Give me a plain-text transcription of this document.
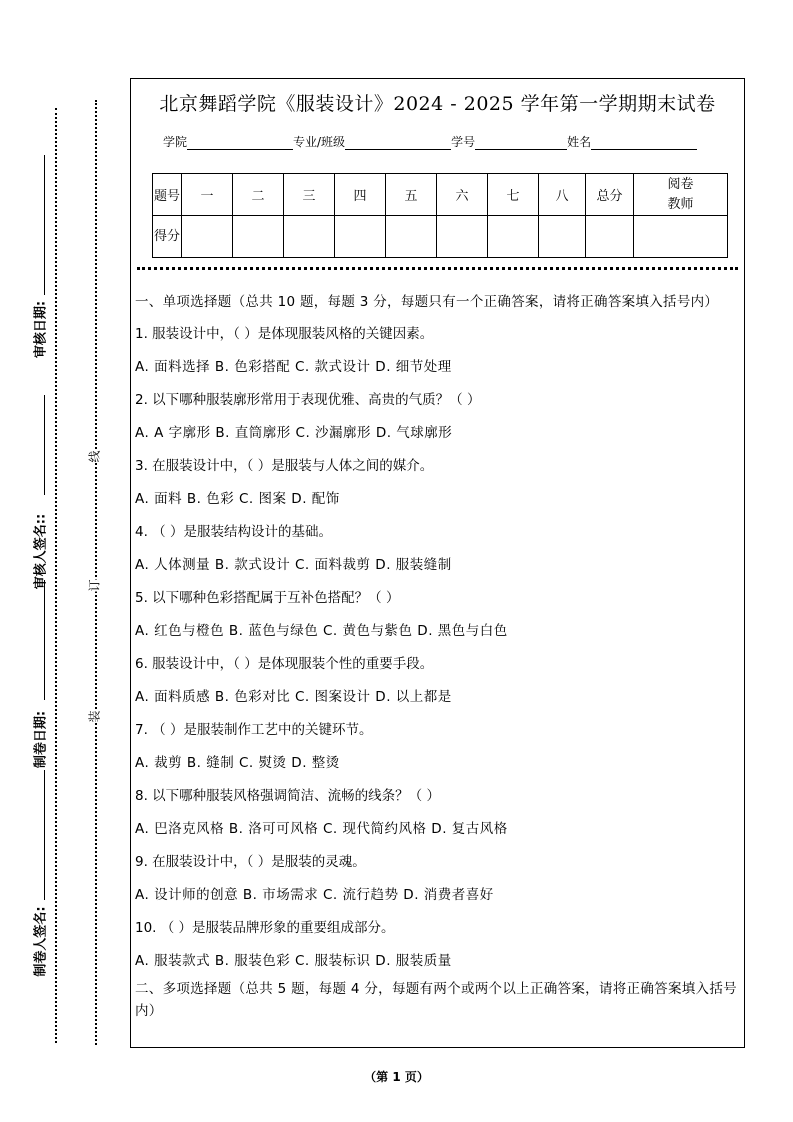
审核日期:
审核人签名::
制卷日期:
制卷人签名:
线
订
装
北京舞蹈学院《服装设计》2024 - 2025 学年第一学期期末试卷
学院	专业/班级	学号	姓名
题号	一	二	三	四	五	六	七	八	总分	阅卷
教师
得分										
一、单项选择题（总共 10 题，每题 3 分，每题只有一个正确答案，请将正确答案填入括号内）
1. 服装设计中，（ ）是体现服装风格的关键因素。
A. 面料选择 B. 色彩搭配 C. 款式设计 D. 细节处理
2. 以下哪种服装廓形常用于表现优雅、高贵的气质？（ ）
A. A 字廓形 B. 直筒廓形 C. 沙漏廓形 D. 气球廓形
3. 在服装设计中，（ ）是服装与人体之间的媒介。
A. 面料 B. 色彩 C. 图案 D. 配饰
4. （ ）是服装结构设计的基础。
A. 人体测量 B. 款式设计 C. 面料裁剪 D. 服装缝制
5. 以下哪种色彩搭配属于互补色搭配？（ ）
A. 红色与橙色 B. 蓝色与绿色 C. 黄色与紫色 D. 黑色与白色
6. 服装设计中，（ ）是体现服装个性的重要手段。
A. 面料质感 B. 色彩对比 C. 图案设计 D. 以上都是
7. （ ）是服装制作工艺中的关键环节。
A. 裁剪 B. 缝制 C. 熨烫 D. 整烫
8. 以下哪种服装风格强调简洁、流畅的线条？（ ）
A. 巴洛克风格 B. 洛可可风格 C. 现代简约风格 D. 复古风格
9. 在服装设计中，（ ）是服装的灵魂。
A. 设计师的创意 B. 市场需求 C. 流行趋势 D. 消费者喜好
10. （ ）是服装品牌形象的重要组成部分。
A. 服装款式 B. 服装色彩 C. 服装标识 D. 服装质量
二、多项选择题（总共 5 题，每题 4 分，每题有两个或两个以上正确答案，请将正确答案填入括号内）
（第 1 页）
